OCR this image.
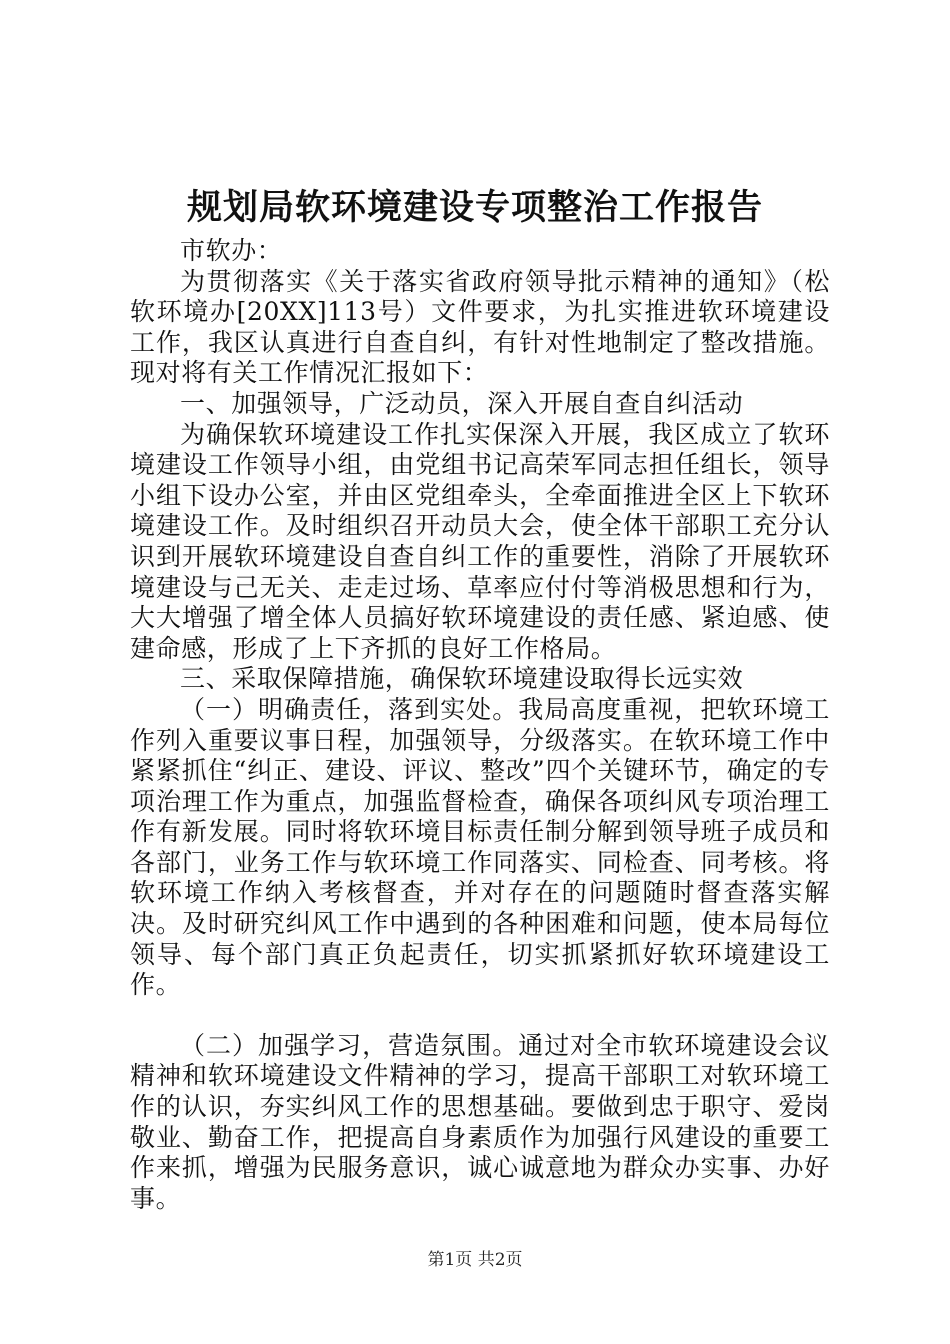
规划局软环境建设专项整治工作报告

市软办：

为贯彻落实《关于落实省政府领导批示精神的通知》（松软环境办[20XX]113号）文件要求，为扎实推进软环境建设工作，我区认真进行自查自纠，有针对性地制定了整改措施。现对将有关工作情况汇报如下：

一、加强领导，广泛动员，深入开展自查自纠活动

为确保软环境建设工作扎实保深入开展，我区成立了软环境建设工作领导小组，由党组书记高荣军同志担任组长，领导小组下设办公室，并由区党组牵头，全牵面推进全区上下软环境建设工作。及时组织召开动员大会，使全体干部职工充分认识到开展软环境建设自查自纠工作的重要性，消除了开展软环境建设与己无关、走走过场、草率应付付等消极思想和行为，大大增强了增全体人员搞好软环境建设的责任感、紧迫感、使建命感，形成了上下齐抓的良好工作格局。

三、采取保障措施，确保软环境建设取得长远实效

（一）明确责任，落到实处。我局高度重视，把软环境工作列入重要议事日程，加强领导，分级落实。在软环境工作中紧紧抓住“纠正、建设、评议、整改”四个关键环节，确定的专项治理工作为重点，加强监督检查，确保各项纠风专项治理工作有新发展。同时将软环境目标责任制分解到领导班子成员和各部门，业务工作与软环境工作同落实、同检查、同考核。将软环境工作纳入考核督查，并对存在的问题随时督查落实解决。及时研究纠风工作中遇到的各种困难和问题，使本局每位领导、每个部门真正负起责任，切实抓紧抓好软环境建设工作。

（二）加强学习，营造氛围。通过对全市软环境建设会议精神和软环境建设文件精神的学习，提高干部职工对软环境工作的认识，夯实纠风工作的思想基础。要做到忠于职守、爱岗敬业、勤奋工作，把提高自身素质作为加强行风建设的重要工作来抓，增强为民服务意识，诚心诚意地为群众办实事、办好事。

第1页 共2页
